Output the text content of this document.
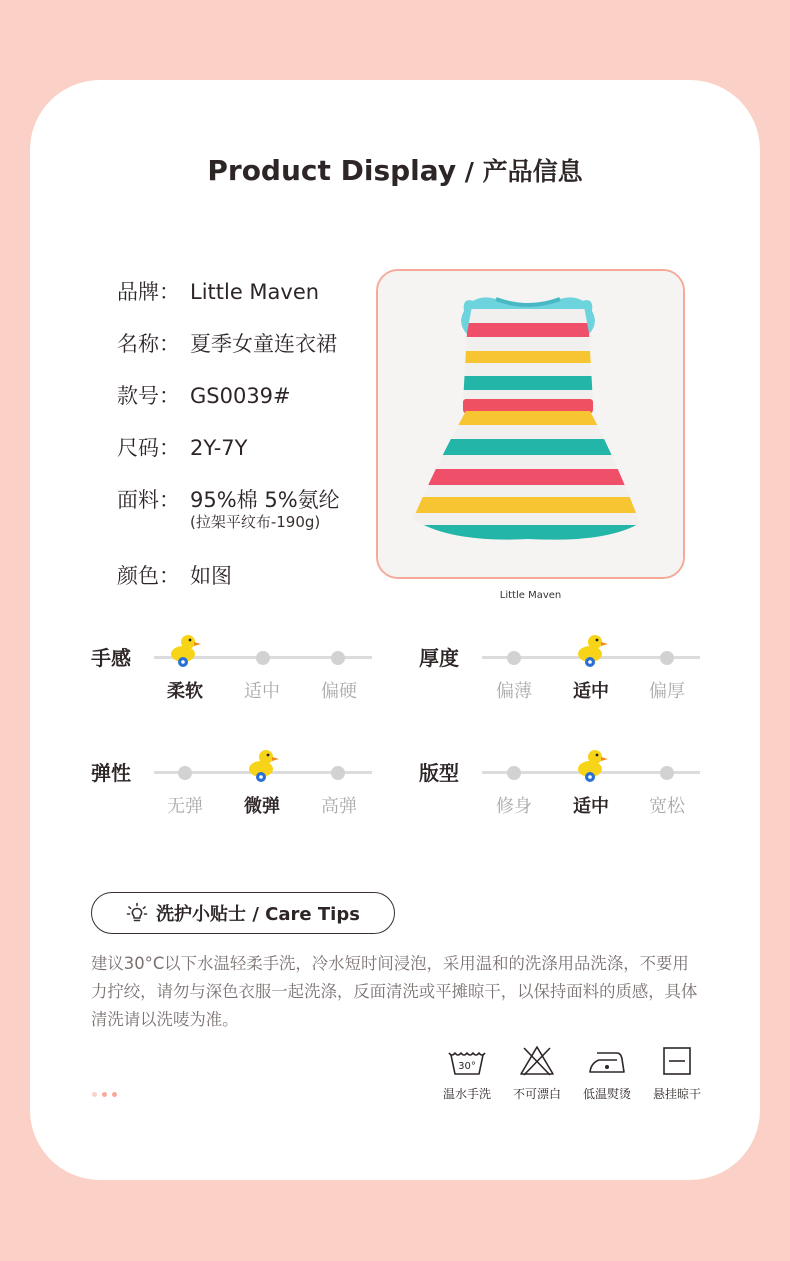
Product Display / 产品信息
品牌： Little Maven
名称： 夏季女童连衣裙
款号： GS0039#
尺码： 2Y-7Y
面料： 95%棉 5%氨纶
(拉架平纹布-190g)
颜色： 如图
Little Maven
手感
柔软	适中	偏硬
厚度
偏薄	适中	偏厚
弹性
无弹	微弹	高弹
版型
修身	适中	宽松
洗护小贴士 / Care Tips
建议30°C以下水温轻柔手洗，冷水短时间浸泡，采用温和的洗涤用品洗涤，不要用力拧绞，请勿与深色衣服一起洗涤，反面清洗或平摊晾干，以保持面料的质感，具体清洗请以洗唛为准。
30°
温水手洗	不可漂白	低温熨烫	悬挂晾干
